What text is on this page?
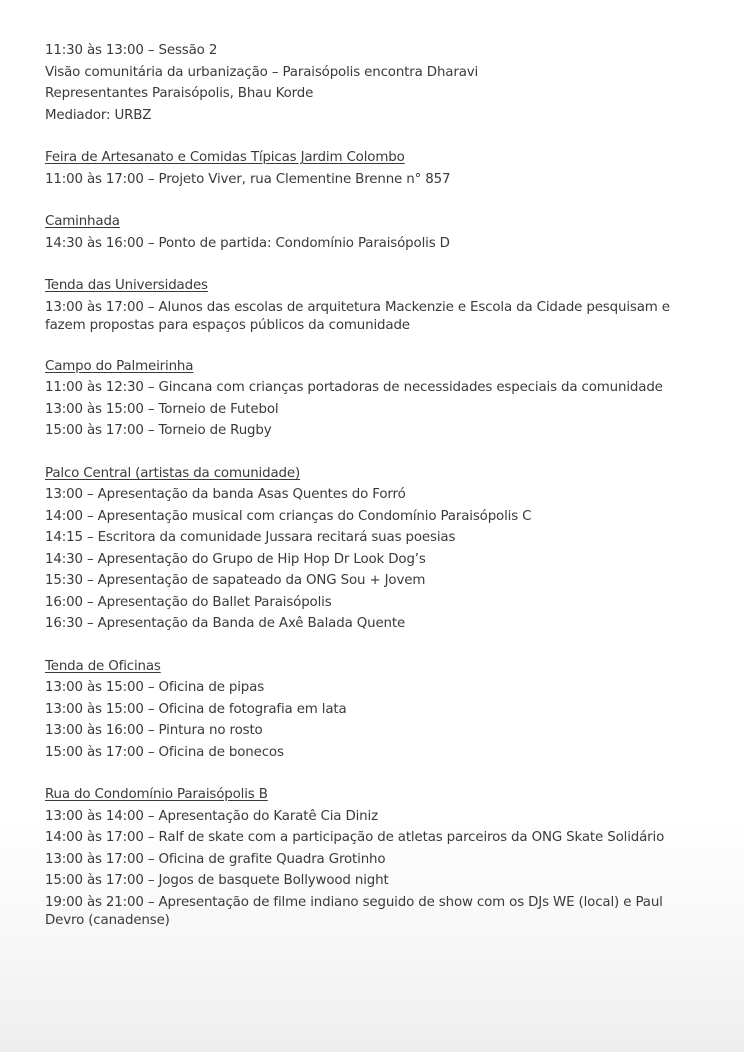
11:30 às 13:00 – Sessão 2

Visão comunitária da urbanização – Paraisópolis encontra Dharavi

Representantes Paraisópolis, Bhau Korde

Mediador: URBZ

Feira de Artesanato e Comidas Típicas Jardim Colombo

11:00 às 17:00 – Projeto Viver, rua Clementine Brenne n° 857

Caminhada

14:30 às 16:00 – Ponto de partida: Condomínio Paraisópolis D

Tenda das Universidades

13:00 às 17:00 – Alunos das escolas de arquitetura Mackenzie e Escola da Cidade pesquisam e fazem propostas para espaços públicos da comunidade

Campo do Palmeirinha

11:00 às 12:30 – Gincana com crianças portadoras de necessidades especiais da comunidade

13:00 às 15:00 – Torneio de Futebol

15:00 às 17:00 – Torneio de Rugby

Palco Central (artistas da comunidade)

13:00 – Apresentação da banda Asas Quentes do Forró

14:00 – Apresentação musical com crianças do Condomínio Paraisópolis C

14:15 – Escritora da comunidade Jussara recitará suas poesias

14:30 – Apresentação do Grupo de Hip Hop Dr Look Dog’s

15:30 – Apresentação de sapateado da ONG Sou + Jovem

16:00 – Apresentação do Ballet Paraisópolis

16:30 – Apresentação da Banda de Axê Balada Quente

Tenda de Oficinas

13:00 às 15:00 – Oficina de pipas

13:00 às 15:00 – Oficina de fotografia em lata

13:00 às 16:00 – Pintura no rosto

15:00 às 17:00 – Oficina de bonecos

Rua do Condomínio Paraisópolis B

13:00 às 14:00 – Apresentação do Karatê Cia Diniz

14:00 às 17:00 – Ralf de skate com a participação de atletas parceiros da ONG Skate Solidário

13:00 às 17:00 – Oficina de grafite Quadra Grotinho

15:00 às 17:00 – Jogos de basquete Bollywood night

19:00 às 21:00 – Apresentação de filme indiano seguido de show com os DJs WE (local) e Paul Devro (canadense)
